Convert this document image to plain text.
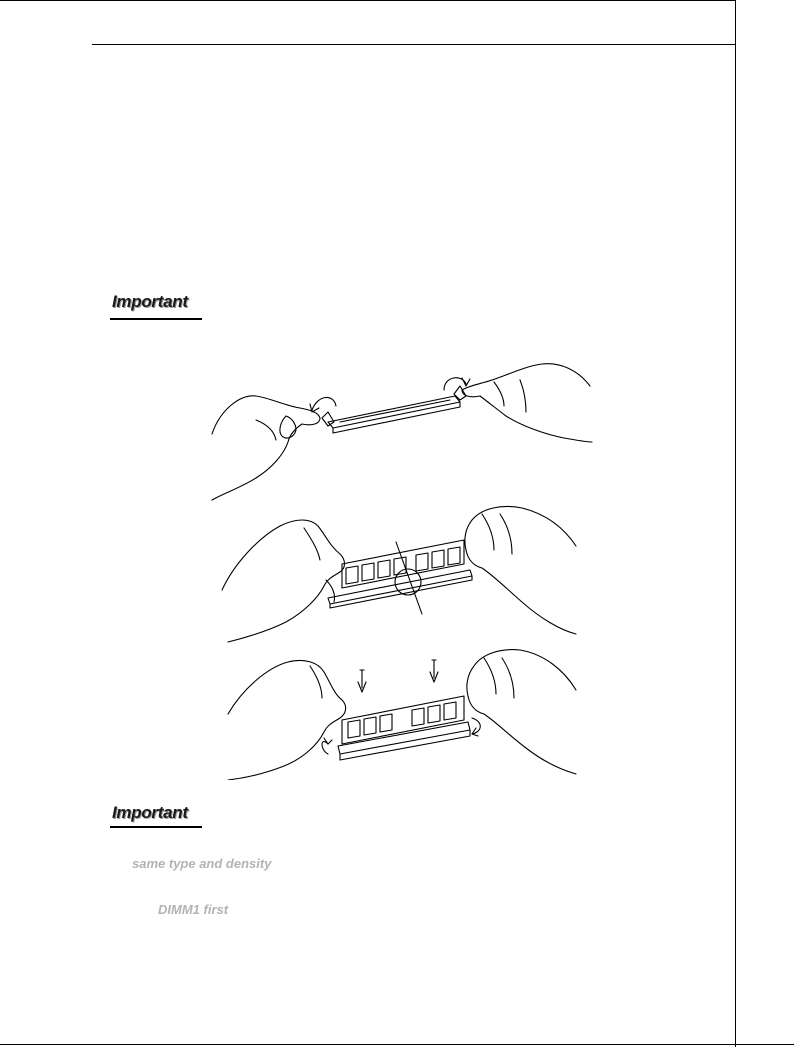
Important
Important
same type and density
DIMM1 first
